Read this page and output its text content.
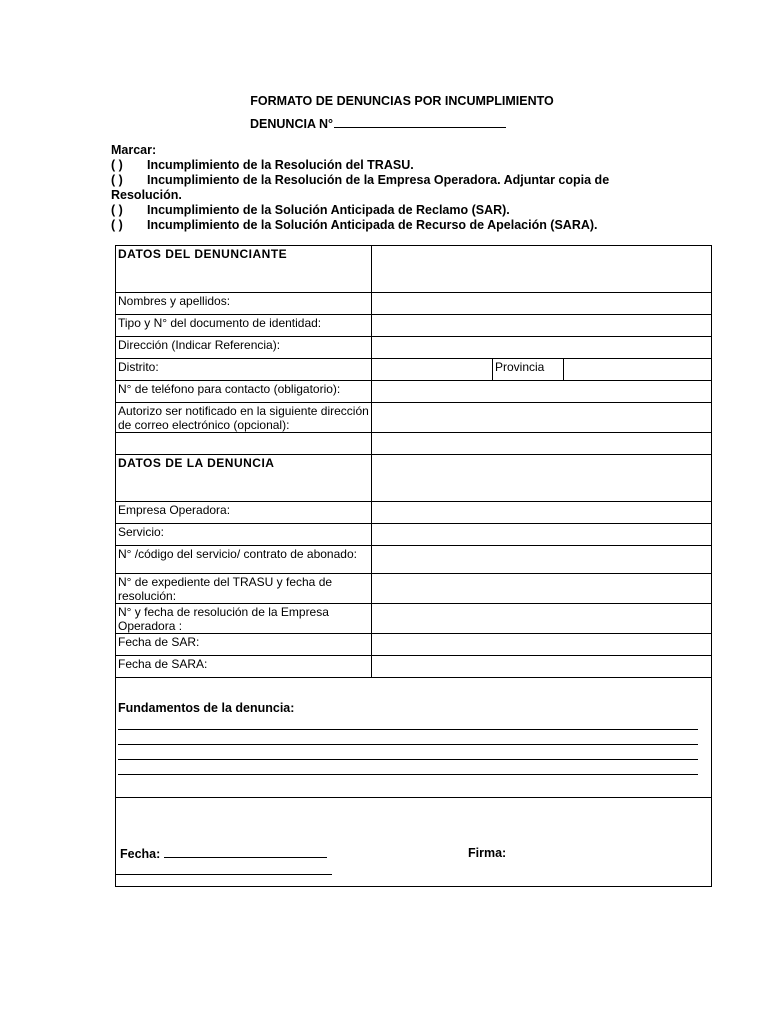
FORMATO DE DENUNCIAS POR INCUMPLIMIENTO
DENUNCIA N°
Marcar:
( ) Incumplimiento de la Resolución del TRASU.
( ) Incumplimiento de la Resolución de la Empresa Operadora. Adjuntar copia de Resolución.
( ) Incumplimiento de la Solución Anticipada de Reclamo (SAR).
( ) Incumplimiento de la Solución Anticipada de Recurso de Apelación (SARA).
DATOS DEL DENUNCIANTE			
Nombres y apellidos:			
Tipo y N° del documento de identidad:			
Dirección (Indicar Referencia):			
Distrito:		Provincia	
N° de teléfono para contacto (obligatorio):			
Autorizo ser notificado en la siguiente dirección de correo electrónico (opcional):			

DATOS DE LA DENUNCIA			
Empresa Operadora:			
Servicio:			
N° /código del servicio/ contrato de abonado:			
N° de expediente del TRASU y fecha de resolución:			
N° y fecha de resolución de la Empresa Operadora :			
Fecha de SAR:			
Fecha de SARA:			

Fundamentos de la denuncia:			

Fecha: Firma:			
